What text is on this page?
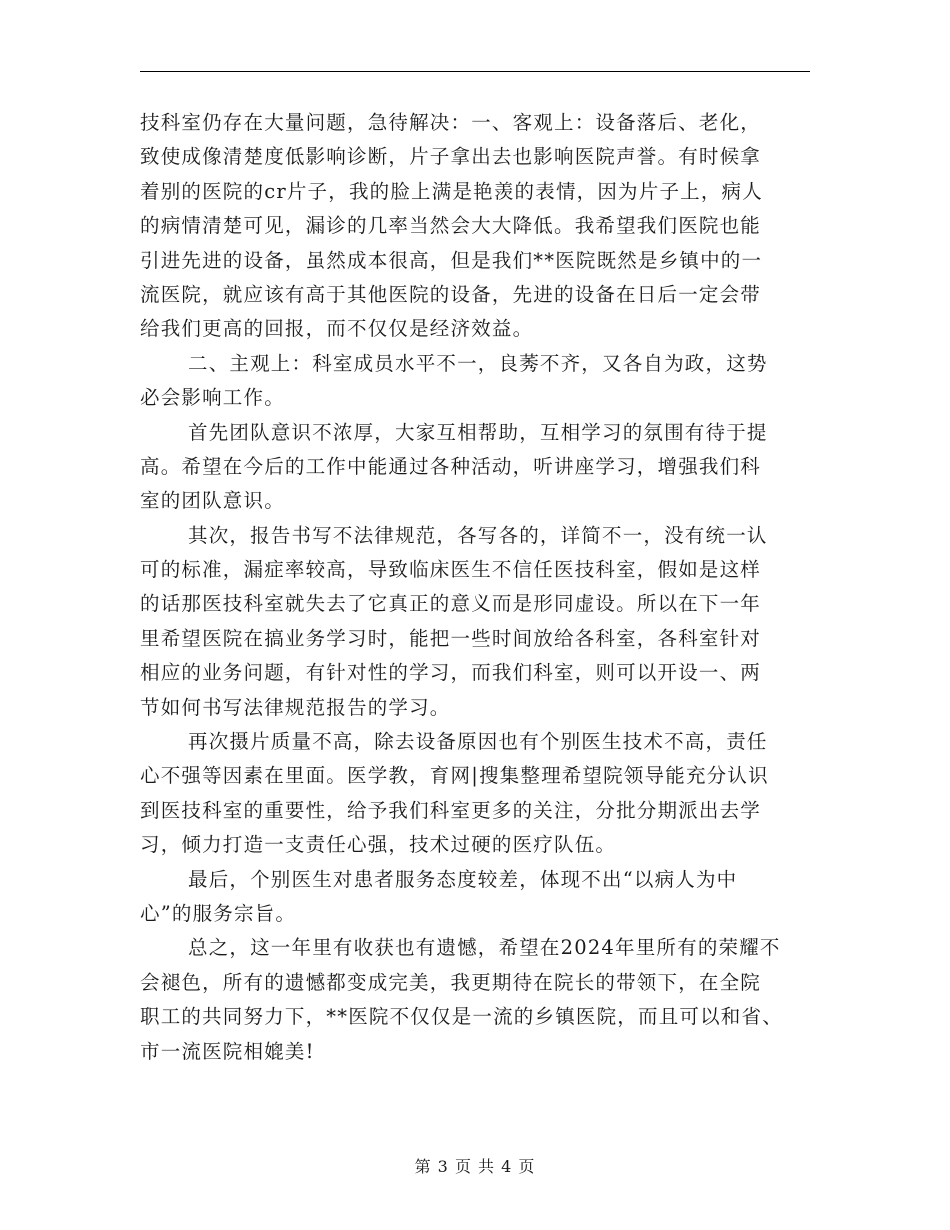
技科室仍存在大量问题，急待解决：一、客观上：设备落后、老化，
致使成像清楚度低影响诊断，片子拿出去也影响医院声誉。有时候拿
着别的医院的cr片子，我的脸上满是艳羡的表情，因为片子上，病人
的病情清楚可见，漏诊的几率当然会大大降低。我希望我们医院也能
引进先进的设备，虽然成本很高，但是我们**医院既然是乡镇中的一
流医院，就应该有高于其他医院的设备，先进的设备在日后一定会带
给我们更高的回报，而不仅仅是经济效益。
二、主观上：科室成员水平不一，良莠不齐，又各自为政，这势
必会影响工作。
首先团队意识不浓厚，大家互相帮助，互相学习的氛围有待于提
高。希望在今后的工作中能通过各种活动，听讲座学习，增强我们科
室的团队意识。
其次，报告书写不法律规范，各写各的，详简不一，没有统一认
可的标准，漏症率较高，导致临床医生不信任医技科室，假如是这样
的话那医技科室就失去了它真正的意义而是形同虚设。所以在下一年
里希望医院在搞业务学习时，能把一些时间放给各科室，各科室针对
相应的业务问题，有针对性的学习，而我们科室，则可以开设一、两
节如何书写法律规范报告的学习。
再次摄片质量不高，除去设备原因也有个别医生技术不高，责任
心不强等因素在里面。医学教，育网|搜集整理希望院领导能充分认识
到医技科室的重要性，给予我们科室更多的关注，分批分期派出去学
习，倾力打造一支责任心强，技术过硬的医疗队伍。
最后，个别医生对患者服务态度较差，体现不出“以病人为中
心”的服务宗旨。
总之，这一年里有收获也有遗憾，希望在2024年里所有的荣耀不
会褪色，所有的遗憾都变成完美，我更期待在院长的带领下，在全院
职工的共同努力下，**医院不仅仅是一流的乡镇医院，而且可以和省、
市一流医院相媲美!
第 3 页 共 4 页
